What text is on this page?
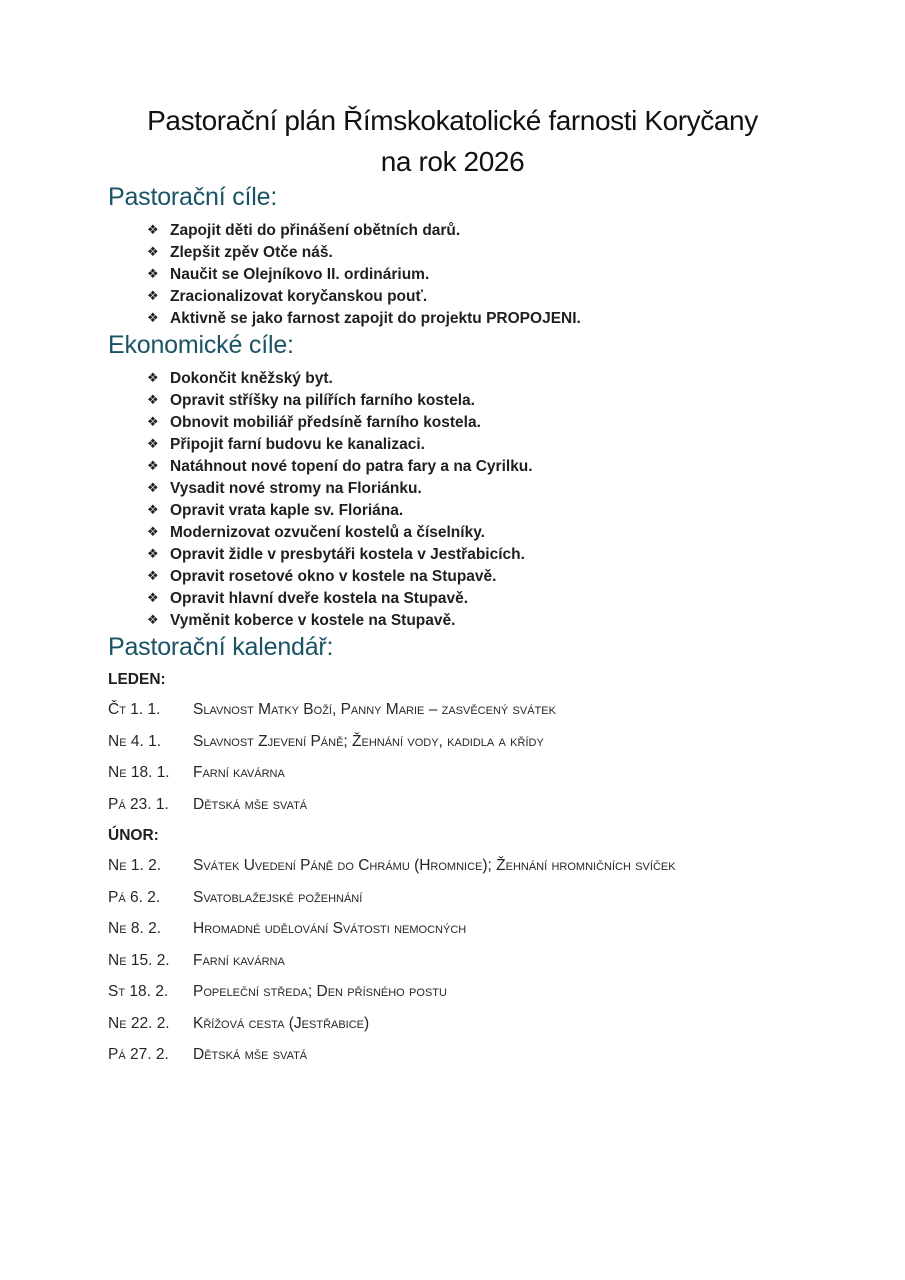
Pastorační plán Římskokatolické farnosti Koryčany
na rok 2026
Pastorační cíle:
❖ Zapojit děti do přinášení obětních darů.
❖ Zlepšit zpěv Otče náš.
❖ Naučit se Olejníkovo II. ordinárium.
❖ Zracionalizovat koryčanskou pouť.
❖ Aktivně se jako farnost zapojit do projektu PROPOJENI.
Ekonomické cíle:
❖ Dokončit kněžský byt.
❖ Opravit stříšky na pilířích farního kostela.
❖ Obnovit mobiliář předsíně farního kostela.
❖ Připojit farní budovu ke kanalizaci.
❖ Natáhnout nové topení do patra fary a na Cyrilku.
❖ Vysadit nové stromy na Floriánku.
❖ Opravit vrata kaple sv. Floriána.
❖ Modernizovat ozvučení kostelů a číselníky.
❖ Opravit židle v presbytáři kostela v Jestřabicích.
❖ Opravit rosetové okno v kostele na Stupavě.
❖ Opravit hlavní dveře kostela na Stupavě.
❖ Vyměnit koberce v kostele na Stupavě.
Pastorační kalendář:
LEDEN:
Čt 1. 1.	Slavnost Matky Boží, Panny Marie – zasvěcený svátek
Ne 4. 1.	Slavnost Zjevení Páně; Žehnání vody, kadidla a křídy
Ne 18. 1.	Farní kavárna
Pá 23. 1.	Dětská mše svatá
ÚNOR:
Ne 1. 2.	Svátek Uvedení Páně do Chrámu (Hromnice); Žehnání hromničních svíček
Pá 6. 2.	Svatoblažejské požehnání
Ne 8. 2.	Hromadné udělování Svátosti nemocných
Ne 15. 2.	Farní kavárna
St 18. 2.	Popeleční středa; Den přísného postu
Ne 22. 2.	Křížová cesta (Jestřabice)
Pá 27. 2.	Dětská mše svatá
